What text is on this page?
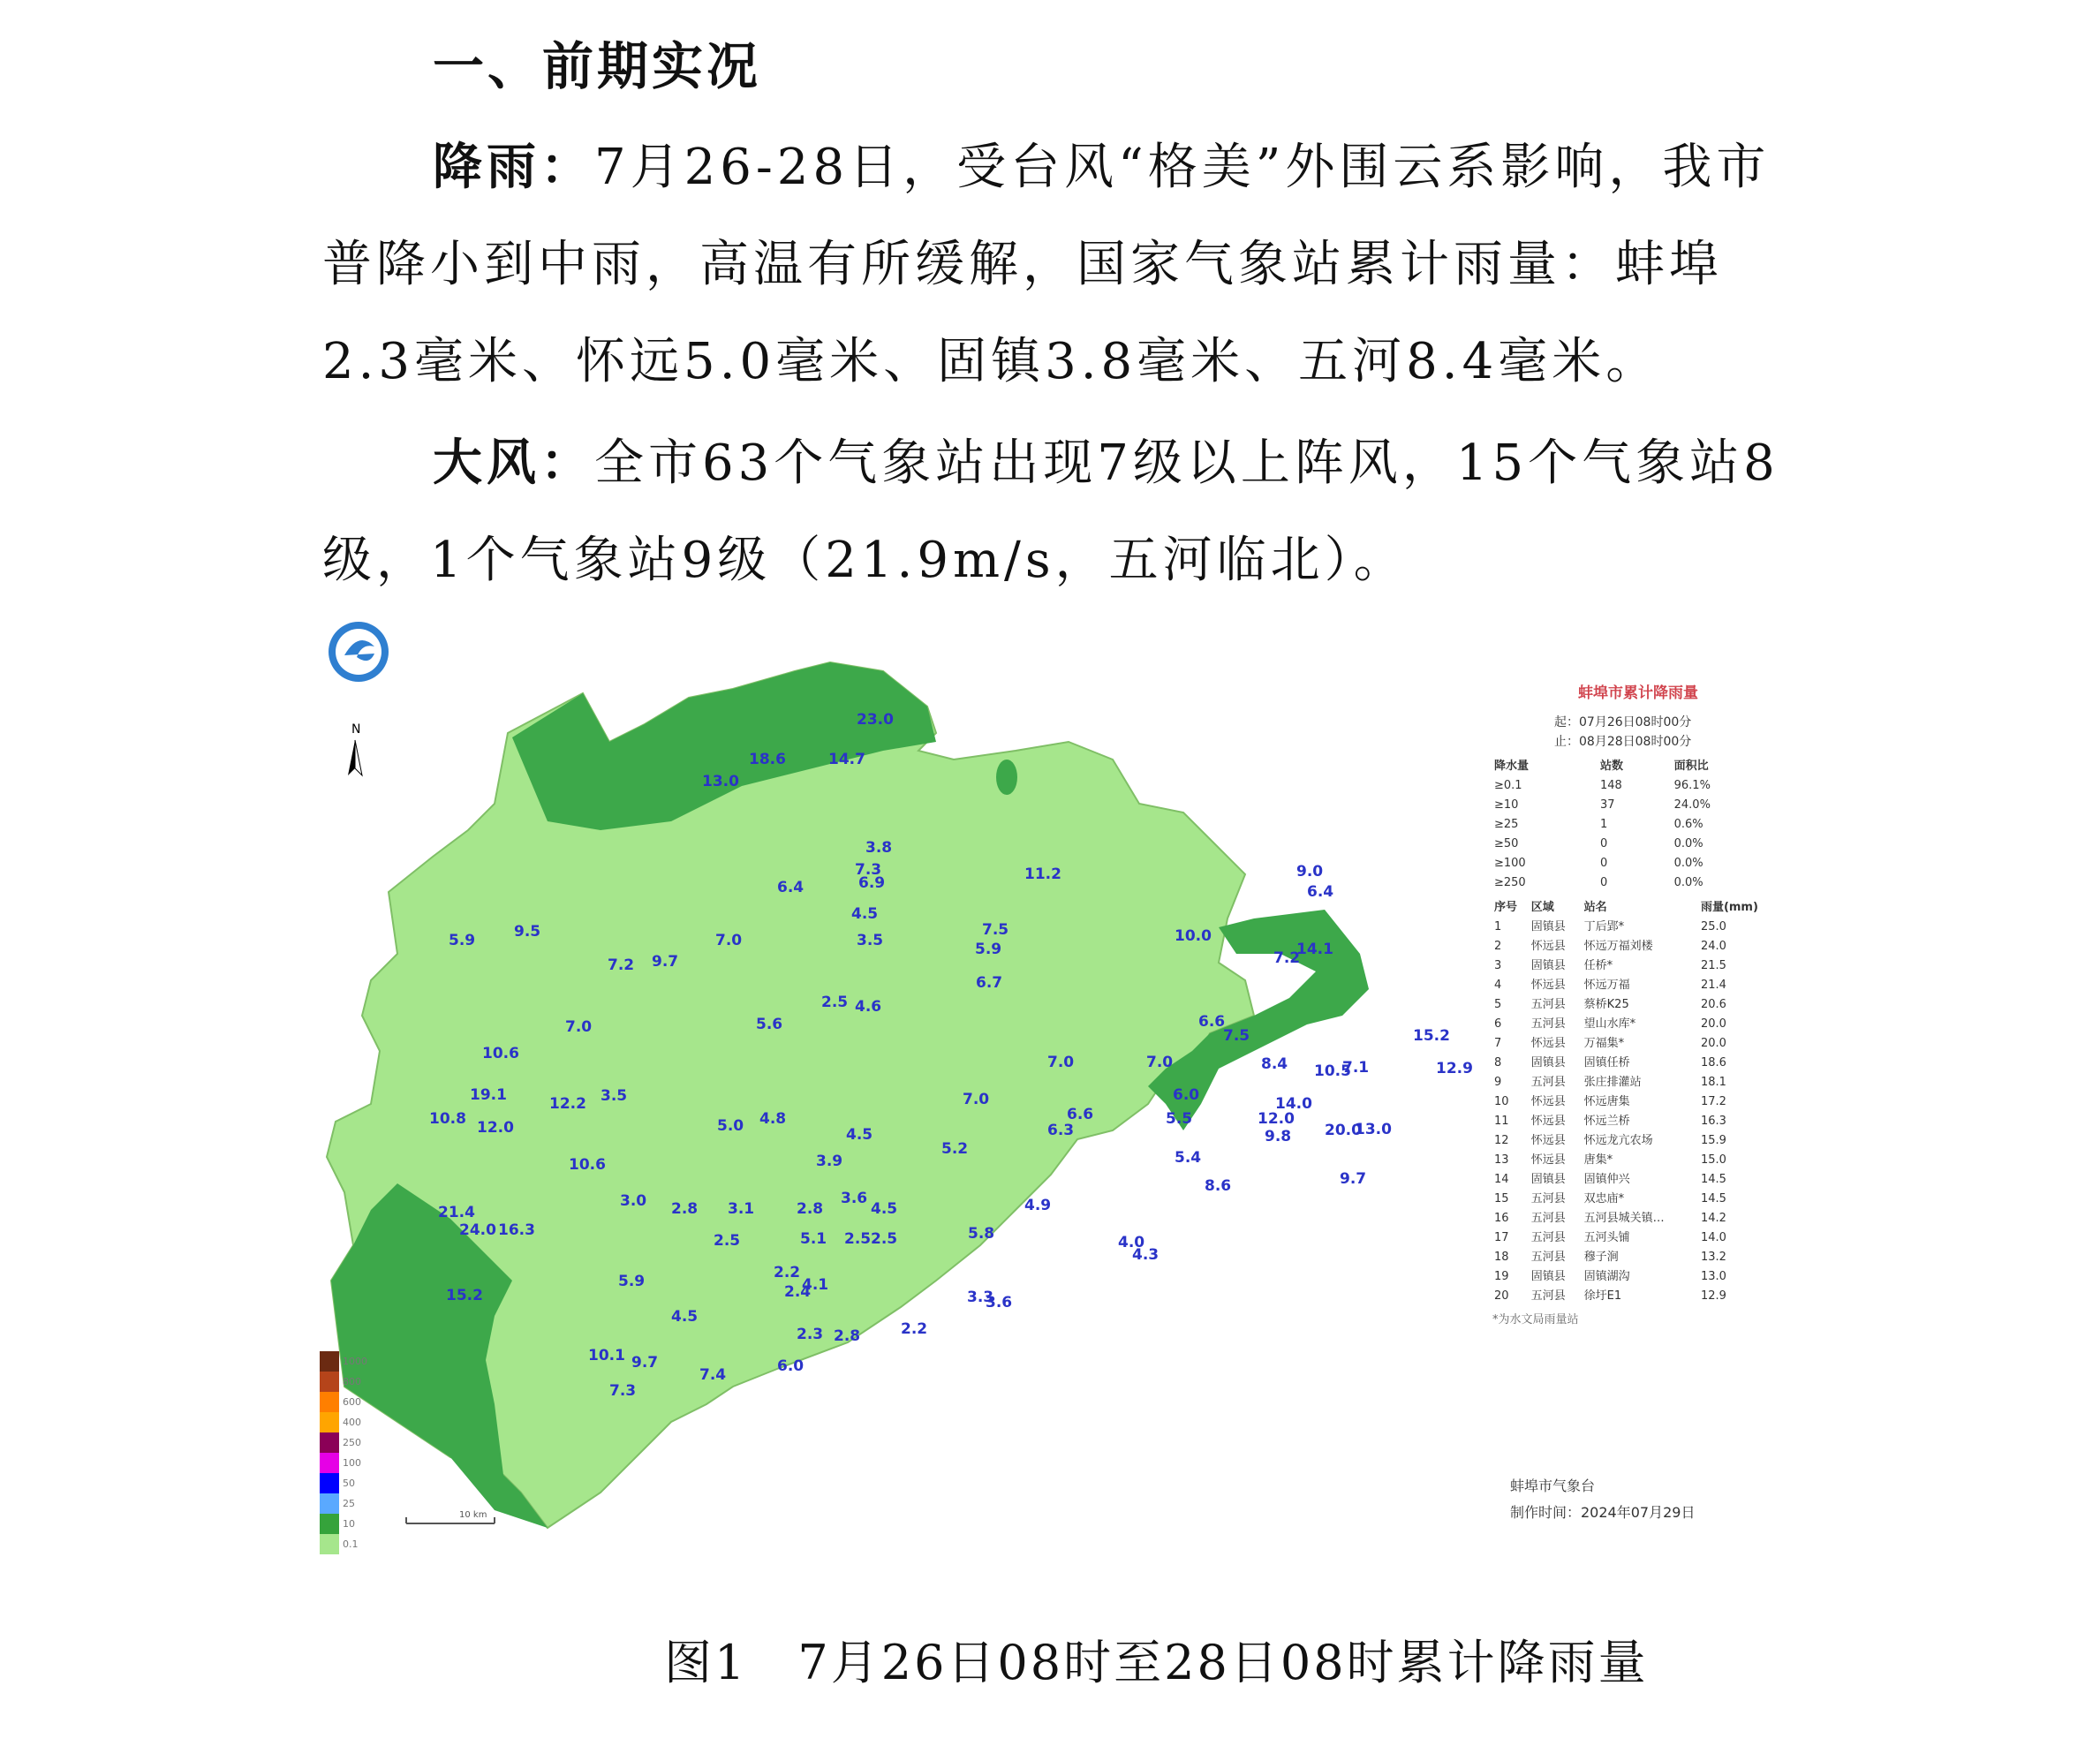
一、前期实况
降雨：7月26-28日，受台风“格美”外围云系影响，我市普降小到中雨，高温有所缓解，国家气象站累计雨量：蚌埠2.3毫米、怀远5.0毫米、固镇3.8毫米、五河8.4毫米。
大风：全市63个气象站出现7级以上阵风，15个气象站8级，1个气象站9级（21.9m/s，五河临北）。
N
10 km
23.0
18.6	14.7
13.0
3.8
7.3
6.9
6.4
4.5
11.2	9.0
6.4
5.9	9.5	7.0	3.5
7.5
5.9
10.0
7.2 9.7
2.5 4.6
6.7
7.2
14.1
7.0	5.6
10.6
6.6
7.5
7.0	7.0	8.4 10.5
7.1
15.2
12.9
3.5
19.1
10.8 12.0
12.2
5.0 4.8
7.0	6.0	14.0
20.0
6.6
6.3
5.5
4.5
5.2
12.0
9.8	13.0
10.6	3.9	5.4
8.6	9.7
3.0 2.8 3.1	2.8
3.6
4.5	4.9
21.4
24.0 16.3
2.5	5.1 2.5 2.5	5.8	4.0
4.3
2.2
5.9
2.4
4.1
3.3
3.6
15.2
4.5
2.3 2.8	2.2
10.1 9.7
7.4	6.0
7.3
1000
800
600
400
250
100
50
25
10
0.1
蚌埠市累计降雨量
起：07月26日08时00分
止：08月28日08时00分
降水量	站数	面积比
≥0.1	148	96.1%
≥10	37	24.0%
≥25	1	0.6%
≥50	0	0.0%
≥100	0	0.0%
≥250	0	0.0%
序号	区域	站名	雨量(mm)
1	固镇县	丁后郢*	25.0
2	怀远县	怀远万福刘楼	24.0
3	固镇县	任桥*	21.5
4	怀远县	怀远万福	21.4
5	五河县	蔡桥K25	20.6
6	五河县	望山水库*	20.0
7	怀远县	万福集*	20.0
8	固镇县	固镇任桥	18.6
9	五河县	张庄排灌站	18.1
10	怀远县	怀远唐集	17.2
11	怀远县	怀远兰桥	16.3
12	怀远县	怀远龙亢农场	15.9
13	怀远县	唐集*	15.0
14	固镇县	固镇仲兴	14.5
15	五河县	双忠庙*	14.5
16	五河县	五河县城关镇…	14.2
17	五河县	五河头铺	14.0
18	五河县	穆子涧	13.2
19	固镇县	固镇湖沟	13.0
20	五河县	徐圩E1	12.9
*为水文局雨量站
蚌埠市气象台
制作时间：2024年07月29日
图1　7月26日08时至28日08时累计降雨量
